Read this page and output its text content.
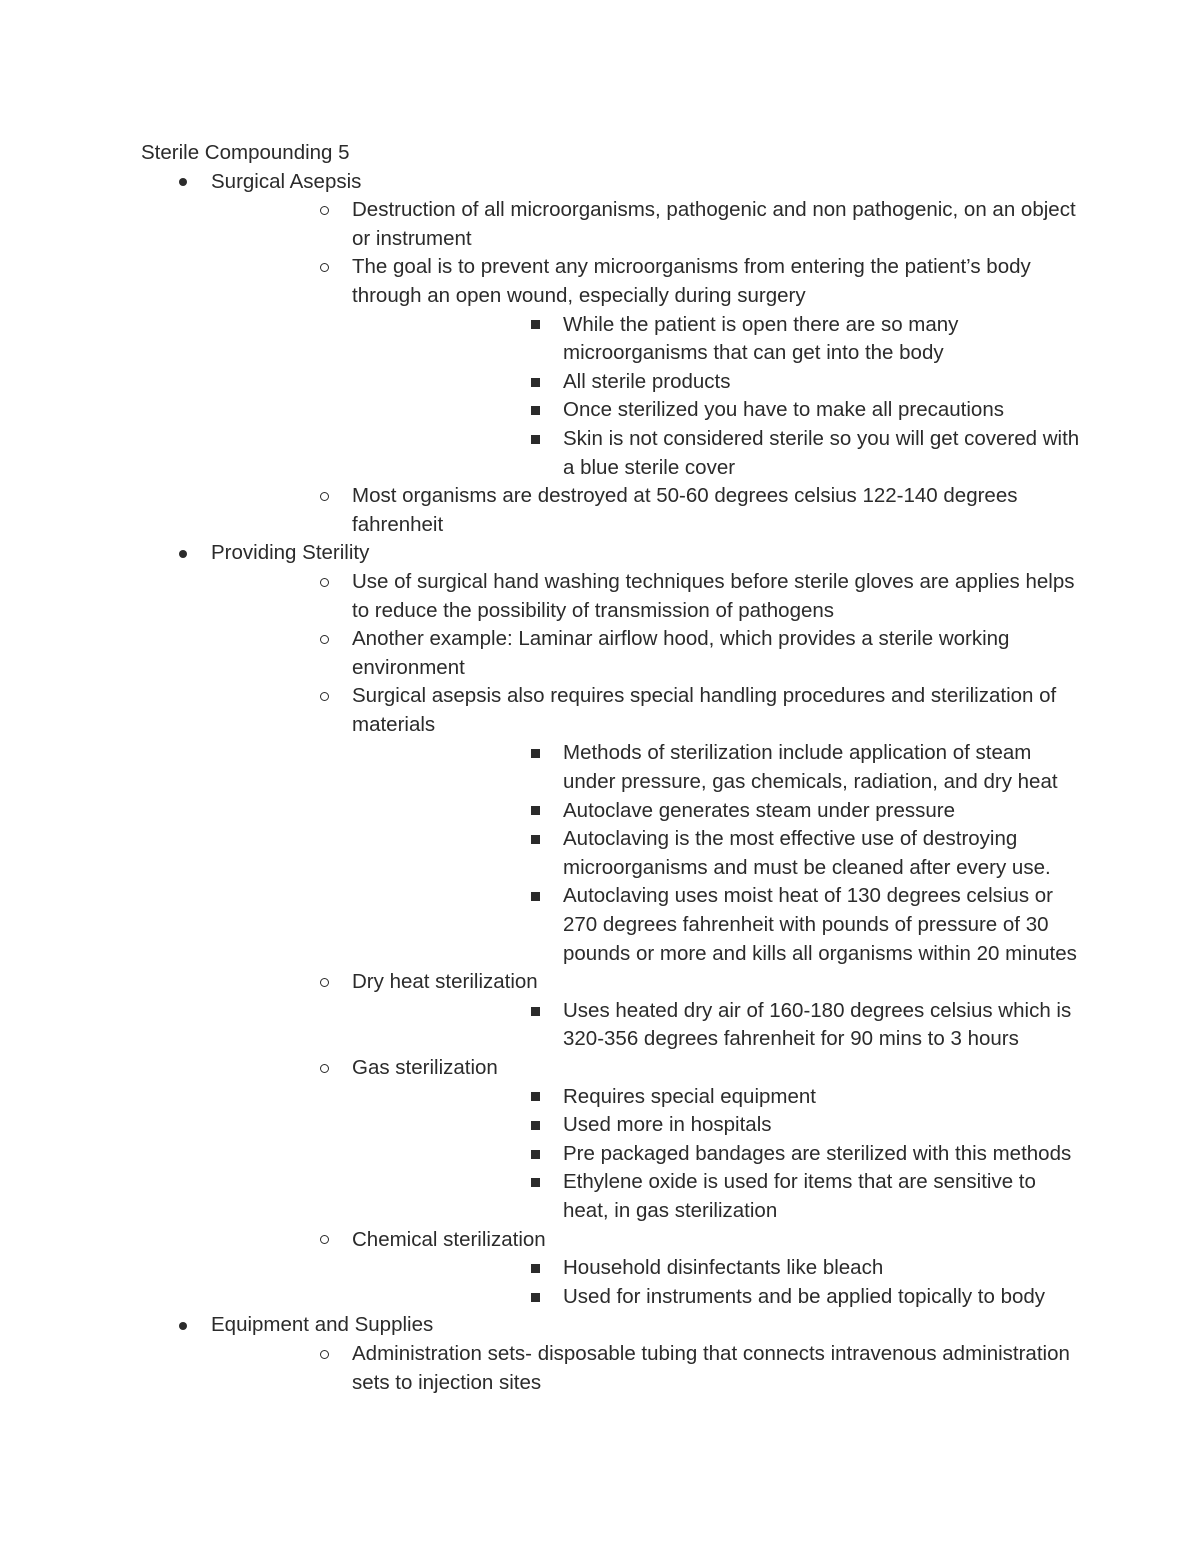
Sterile Compounding 5

Surgical Asepsis
Destruction of all microorganisms, pathogenic and non pathogenic, on an object or instrument
The goal is to prevent any microorganisms from entering the patient’s body through an open wound, especially during surgery
While the patient is open there are so many microorganisms that can get into the body
All sterile products
Once sterilized you have to make all precautions
Skin is not considered sterile so you will get covered with a blue sterile cover
Most organisms are destroyed at 50-60 degrees celsius 122-140 degrees fahrenheit
Providing Sterility
Use of surgical hand washing techniques before sterile gloves are applies helps to reduce the possibility of transmission of pathogens
Another example: Laminar airflow hood, which provides a sterile working environment
Surgical asepsis also requires special handling procedures and sterilization of materials
Methods of sterilization include application of steam under pressure, gas chemicals, radiation, and dry heat
Autoclave generates steam under pressure
Autoclaving is the most effective use of destroying microorganisms and must be cleaned after every use.
Autoclaving uses moist heat of 130 degrees celsius or 270 degrees fahrenheit with pounds of pressure of 30 pounds or more and kills all organisms within 20 minutes
Dry heat sterilization
Uses heated dry air of 160-180 degrees celsius which is 320-356 degrees fahrenheit for 90 mins to 3 hours
Gas sterilization
Requires special equipment
Used more in hospitals
Pre packaged bandages are sterilized with this methods
Ethylene oxide is used for items that are sensitive to heat, in gas sterilization
Chemical sterilization
Household disinfectants like bleach
Used for instruments and be applied topically to body
Equipment and Supplies
Administration sets- disposable tubing that connects intravenous administration sets to injection sites
